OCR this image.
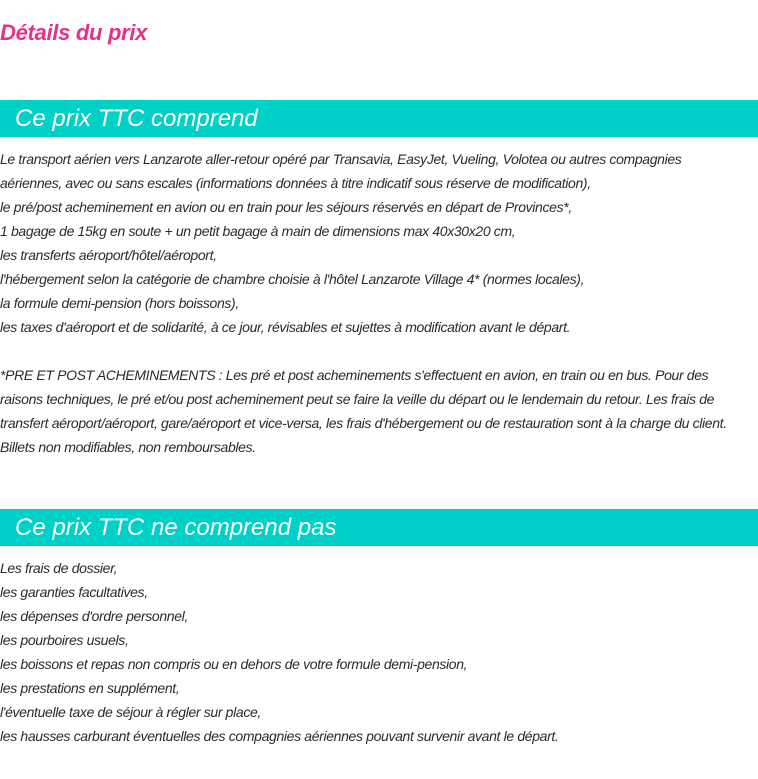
Détails du prix
Ce prix TTC comprend
Le transport aérien vers Lanzarote aller-retour opéré par Transavia, EasyJet, Vueling, Volotea ou autres compagnies
aériennes, avec ou sans escales (informations données à titre indicatif sous réserve de modification),
le pré/post acheminement en avion ou en train pour les séjours réservés en départ de Provinces*,
1 bagage de 15kg en soute + un petit bagage à main de dimensions max 40x30x20 cm,
les transferts aéroport/hôtel/aéroport,
l'hébergement selon la catégorie de chambre choisie à l'hôtel Lanzarote Village 4* (normes locales),
la formule demi-pension (hors boissons),
les taxes d'aéroport et de solidarité, à ce jour, révisables et sujettes à modification avant le départ.

*PRE ET POST ACHEMINEMENTS : Les pré et post acheminements s'effectuent en avion, en train ou en bus. Pour des raisons techniques, le pré et/ou post acheminement peut se faire la veille du départ ou le lendemain du retour. Les frais de transfert aéroport/aéroport, gare/aéroport et vice-versa, les frais d'hébergement ou de restauration sont à la charge du client. Billets non modifiables, non remboursables.

Ce prix TTC ne comprend pas
Les frais de dossier,
les garanties facultatives,
les dépenses d'ordre personnel,
les pourboires usuels,
les boissons et repas non compris ou en dehors de votre formule demi-pension,
les prestations en supplément,
l'éventuelle taxe de séjour à régler sur place,
les hausses carburant éventuelles des compagnies aériennes pouvant survenir avant le départ.
